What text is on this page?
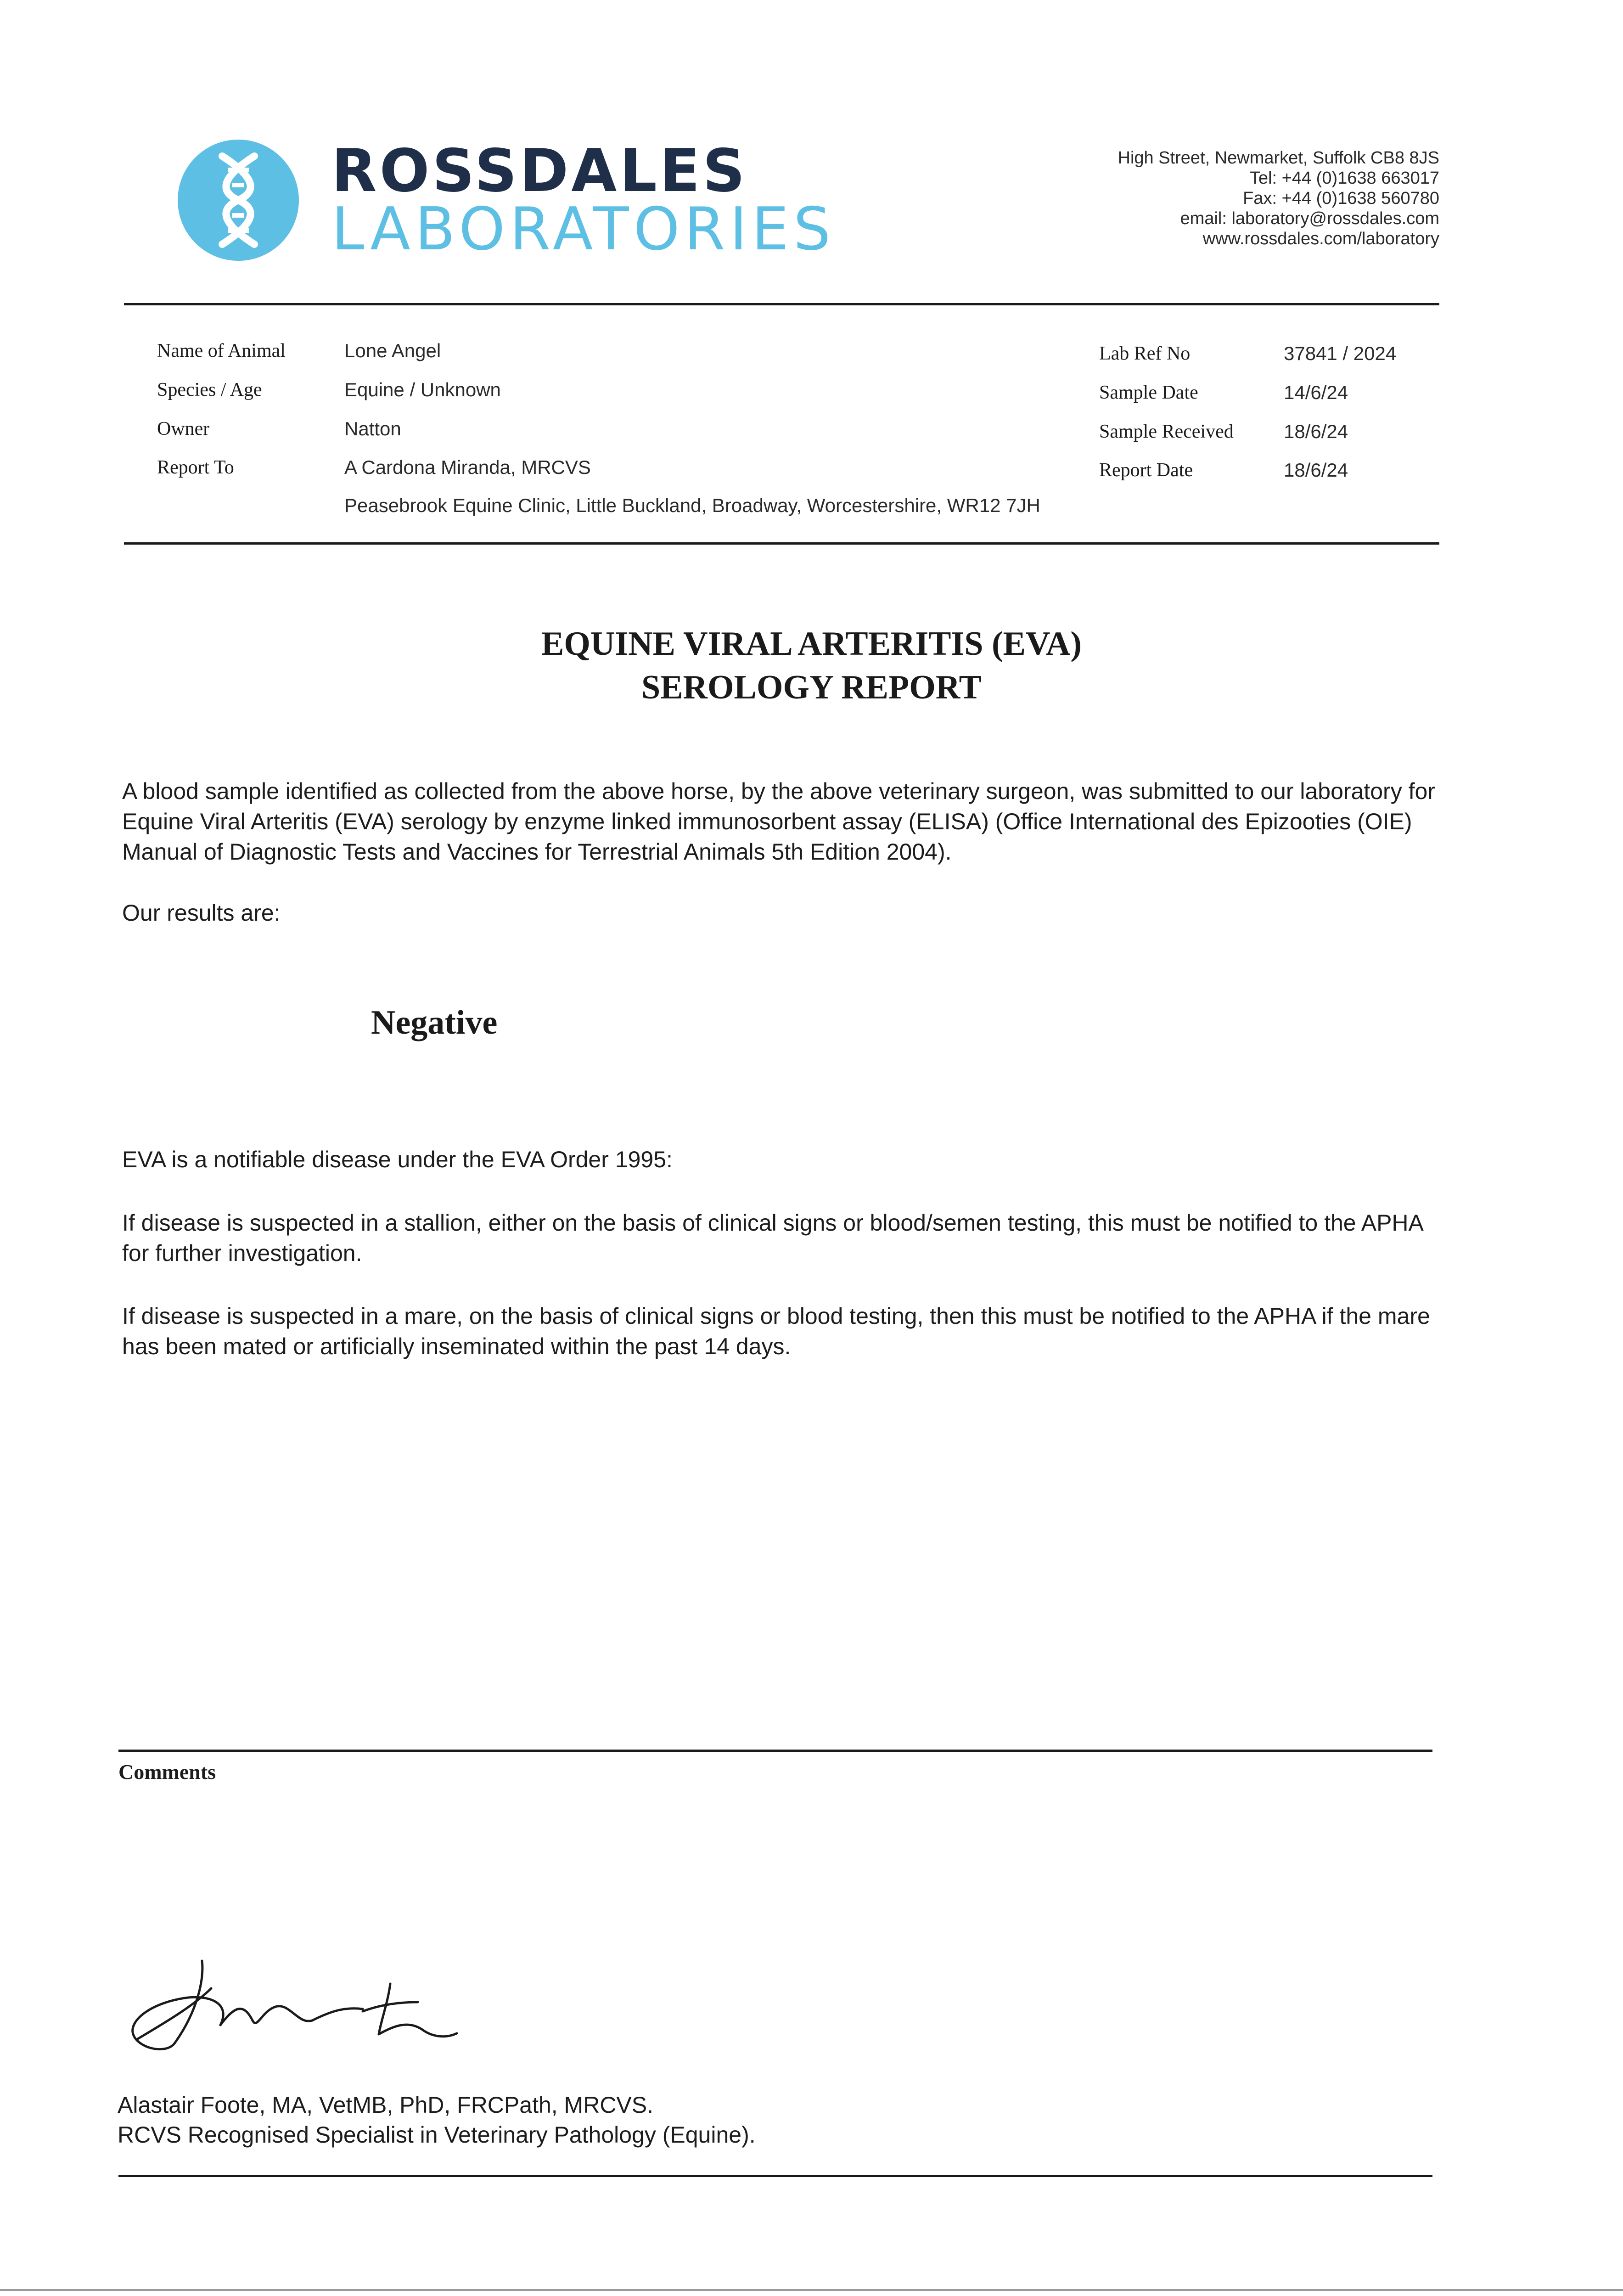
ROSSDALES
LABORATORIES
High Street, Newmarket, Suffolk CB8 8JS
Tel: +44 (0)1638 663017
Fax: +44 (0)1638 560780
email: laboratory@rossdales.com
www.rossdales.com/laboratory
Name of Animal	Lone Angel
Species / Age	Equine / Unknown
Owner	Natton
Report To	A Cardona Miranda, MRCVS
Peasebrook Equine Clinic, Little Buckland, Broadway, Worcestershire, WR12 7JH
Lab Ref No	37841 / 2024
Sample Date	14/6/24
Sample Received	18/6/24
Report Date	18/6/24
EQUINE VIRAL ARTERITIS (EVA)
SEROLOGY REPORT
A blood sample identified as collected from the above horse, by the above veterinary surgeon, was submitted to our laboratory for Equine Viral Arteritis (EVA) serology by enzyme linked immunosorbent assay (ELISA) (Office International des Epizooties (OIE) Manual of Diagnostic Tests and Vaccines for Terrestrial Animals 5th Edition 2004).
Our results are:
Negative
EVA is a notifiable disease under the EVA Order 1995:
If disease is suspected in a stallion, either on the basis of clinical signs or blood/semen testing, this must be notified to the APHA for further investigation.
If disease is suspected in a mare, on the basis of clinical signs or blood testing, then this must be notified to the APHA if the mare has been mated or artificially inseminated within the past 14 days.
Comments
Alastair Foote, MA, VetMB, PhD, FRCPath, MRCVS.
RCVS Recognised Specialist in Veterinary Pathology (Equine).
